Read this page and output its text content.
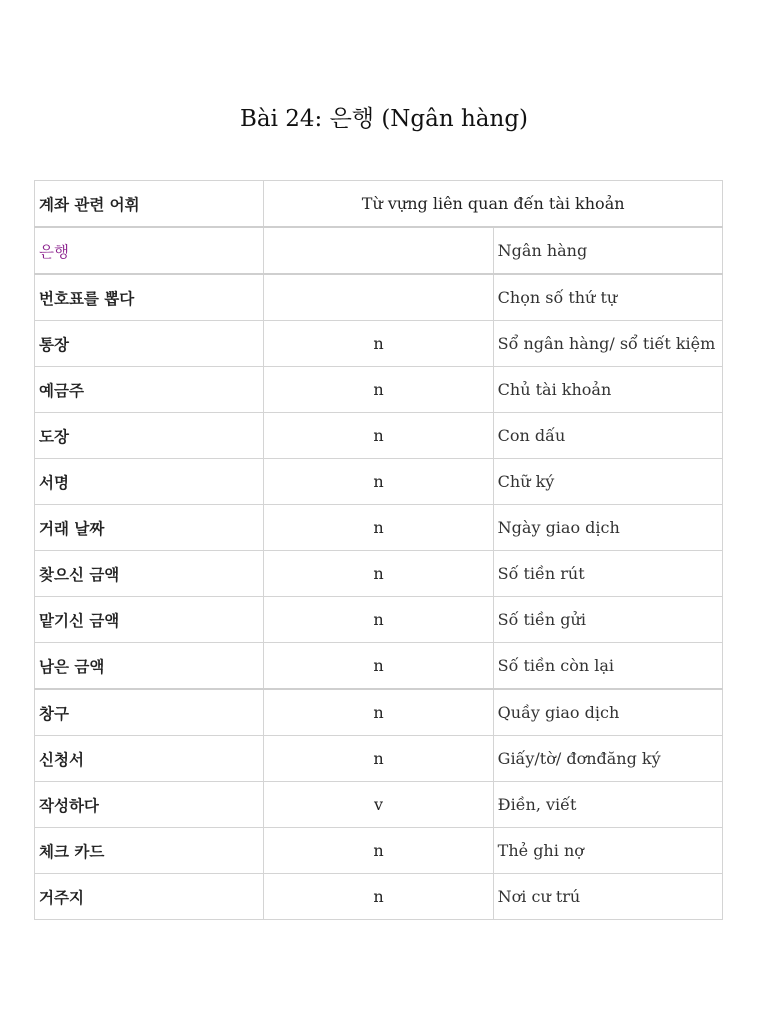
Bài 24: 은행 (Ngân hàng)
계좌 관련 어휘	Từ vựng liên quan đến tài khoản	
은행		Ngân hàng
번호표를 뽑다		Chọn số thứ tự
통장	n	Sổ ngân hàng/ sổ tiết kiệm
예금주	n	Chủ tài khoản
도장	n	Con dấu
서명	n	Chữ ký
거래 날짜	n	Ngày giao dịch
찾으신 금액	n	Số tiền rút
맡기신 금액	n	Số tiền gửi
남은 금액	n	Số tiền còn lại
창구	n	Quầy giao dịch
신청서	n	Giấy/tờ/ đơnđăng ký
작성하다	v	Điền, viết
체크 카드	n	Thẻ ghi nợ
거주지	n	Nơi cư trú
